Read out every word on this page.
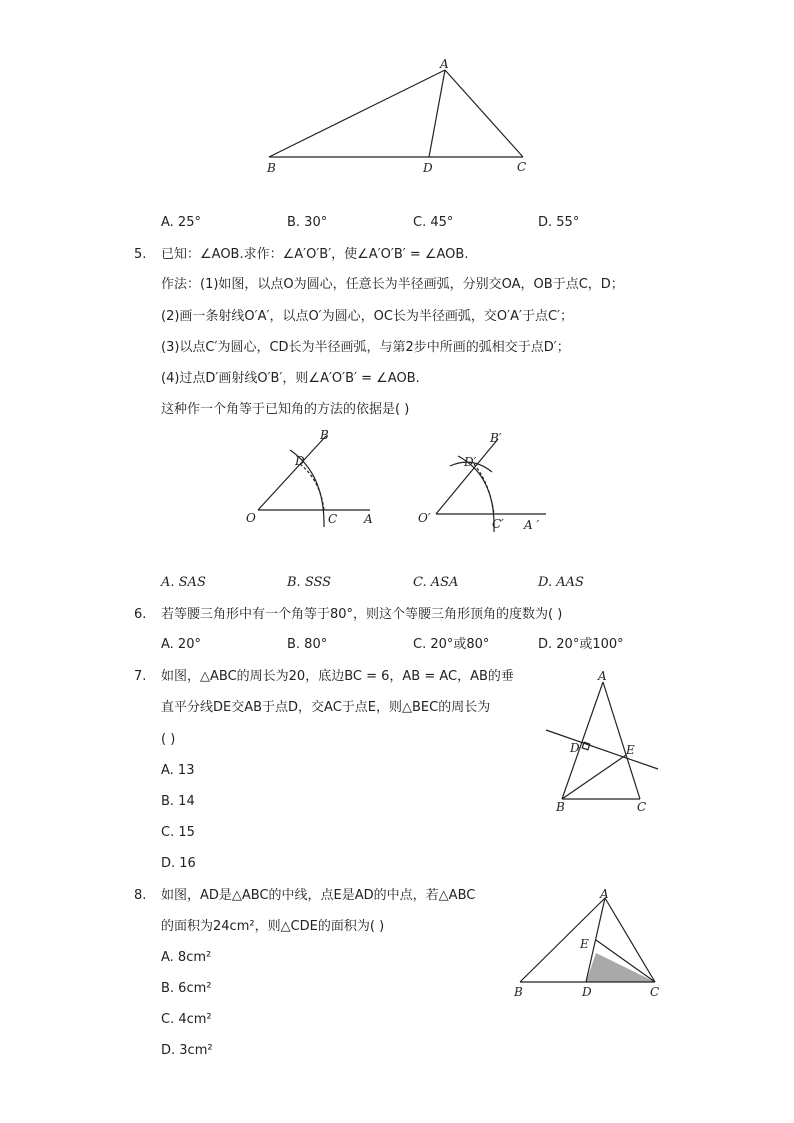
A
B	D	C
A. 25°	B. 30°	C. 45°	D. 55°
5. 已知：∠AOB.求作：∠A′O′B′，使∠A′O′B′ = ∠AOB.
作法：(1)如图，以点O为圆心，任意长为半径画弧，分别交OA，OB于点C，D；
(2)画一条射线O′A′，以点O′为圆心，OC长为半径画弧，交O′A′于点C′；
(3)以点C′为圆心，CD长为半径画弧，与第2步中所画的弧相交于点D′；
(4)过点D′画射线O′B′，则∠A′O′B′ = ∠AOB.
这种作一个角等于已知角的方法的依据是( )
B
D
O	C A
B′
D′
O′	C′ A ′
A. SAS	B. SSS	C. ASA	D. AAS
6. 若等腰三角形中有一个角等于80°，则这个等腰三角形顶角的度数为( )
A. 20°	B. 80°	C. 20°或80°	D. 20°或100°
7. 如图，△ABC的周长为20，底边BC = 6，AB = AC，AB的垂
直平分线DE交AB于点D，交AC于点E，则△BEC的周长为
( )
A. 13
B. 14
C. 15
D. 16
A
D	E
B	C
8. 如图，AD是△ABC的中线，点E是AD的中点，若△ABC
的面积为24cm²，则△CDE的面积为( )
A. 8cm²
B. 6cm²
C. 4cm²
D. 3cm²
A
E
B	D	C
